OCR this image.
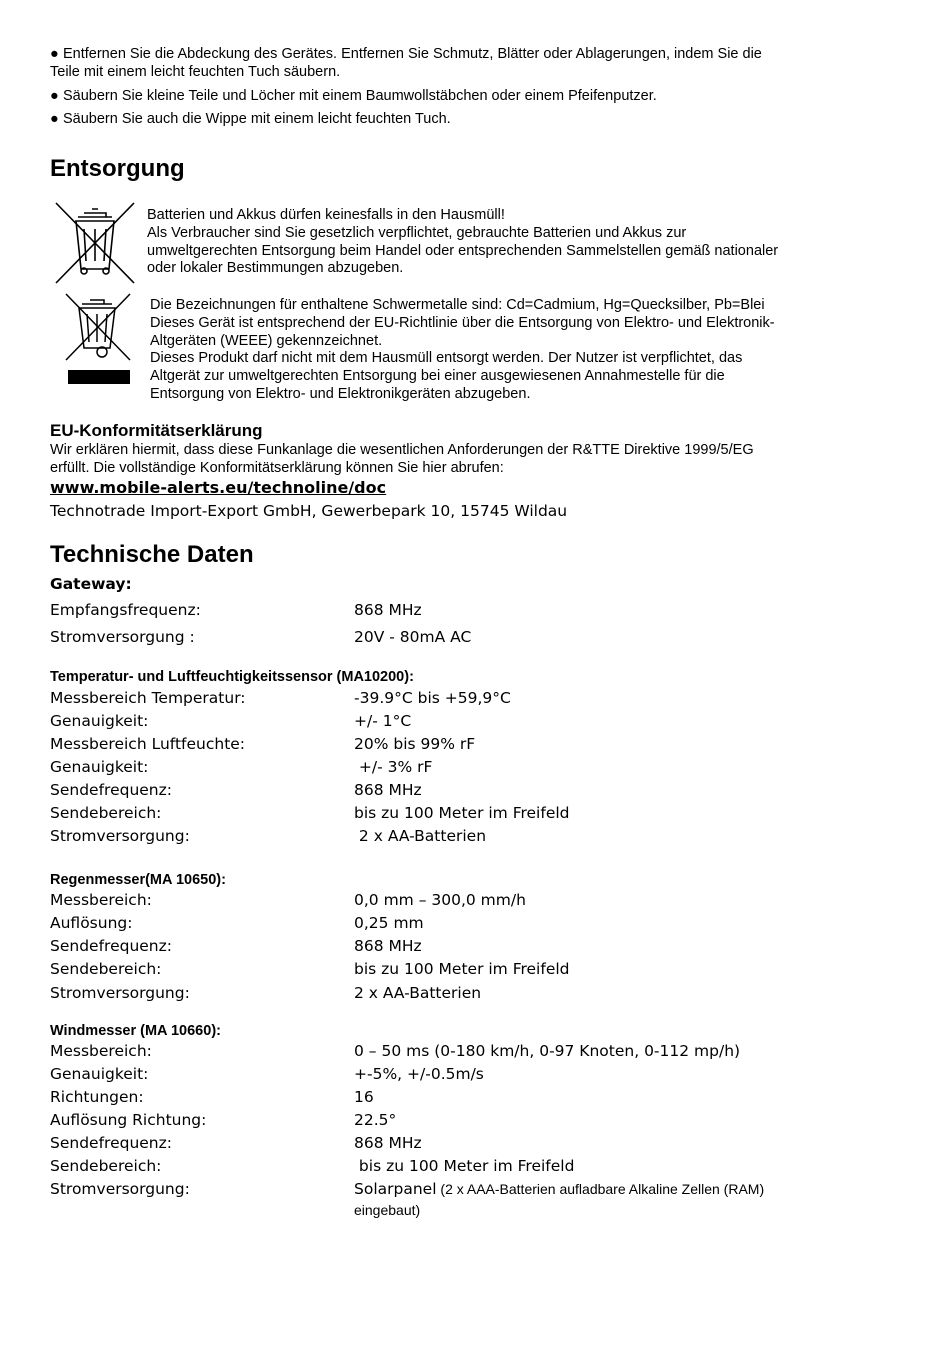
● Entfernen Sie die Abdeckung des Gerätes. Entfernen Sie Schmutz, Blätter oder Ablagerungen, indem Sie die
Teile mit einem leicht feuchten Tuch säubern.
● Säubern Sie kleine Teile und Löcher mit einem Baumwollstäbchen oder einem Pfeifenputzer.
● Säubern Sie auch die Wippe mit einem leicht feuchten Tuch.
Entsorgung
Batterien und Akkus dürfen keinesfalls in den Hausmüll!
Als Verbraucher sind Sie gesetzlich verpflichtet, gebrauchte Batterien und Akkus zur
umweltgerechten Entsorgung beim Handel oder entsprechenden Sammelstellen gemäß nationaler
oder lokaler Bestimmungen abzugeben.
Die Bezeichnungen für enthaltene Schwermetalle sind: Cd=Cadmium, Hg=Quecksilber, Pb=Blei
Dieses Gerät ist entsprechend der EU-Richtlinie über die Entsorgung von Elektro- und Elektronik-
Altgeräten (WEEE) gekennzeichnet.
Dieses Produkt darf nicht mit dem Hausmüll entsorgt werden. Der Nutzer ist verpflichtet, das
Altgerät zur umweltgerechten Entsorgung bei einer ausgewiesenen Annahmestelle für die
Entsorgung von Elektro- und Elektronikgeräten abzugeben.
EU-Konformitätserklärung
Wir erklären hiermit, dass diese Funkanlage die wesentlichen Anforderungen der R&TTE Direktive 1999/5/EG
erfüllt. Die vollständige Konformitätserklärung können Sie hier abrufen:
www.mobile-alerts.eu/technoline/doc
Technotrade Import-Export GmbH, Gewerbepark 10, 15745 Wildau
Technische Daten
Gateway:
Empfangsfrequenz:	868 MHz
Stromversorgung :	20V - 80mA AC
Temperatur- und Luftfeuchtigkeitssensor (MA10200):
Messbereich Temperatur:	-39.9°C bis +59,9°C
Genauigkeit:	+/- 1°C
Messbereich Luftfeuchte:	20% bis 99% rF
Genauigkeit:	+/- 3% rF
Sendefrequenz:	868 MHz
Sendebereich:	bis zu 100 Meter im Freifeld
Stromversorgung:	2 x AA-Batterien
Regenmesser(MA 10650):
Messbereich:	0,0 mm – 300,0 mm/h
Auflösung:	0,25 mm
Sendefrequenz:	868 MHz
Sendebereich:	bis zu 100 Meter im Freifeld
Stromversorgung:	2 x AA-Batterien
Windmesser (MA 10660):
Messbereich:	0 – 50 ms (0-180 km/h, 0-97 Knoten, 0-112 mp/h)
Genauigkeit:	+-5%, +/-0.5m/s
Richtungen:	16
Auflösung Richtung:	22.5°
Sendefrequenz:	868 MHz
Sendebereich:	bis zu 100 Meter im Freifeld
Stromversorgung:	Solarpanel (2 x AAA-Batterien aufladbare Alkaline Zellen (RAM)
eingebaut)
